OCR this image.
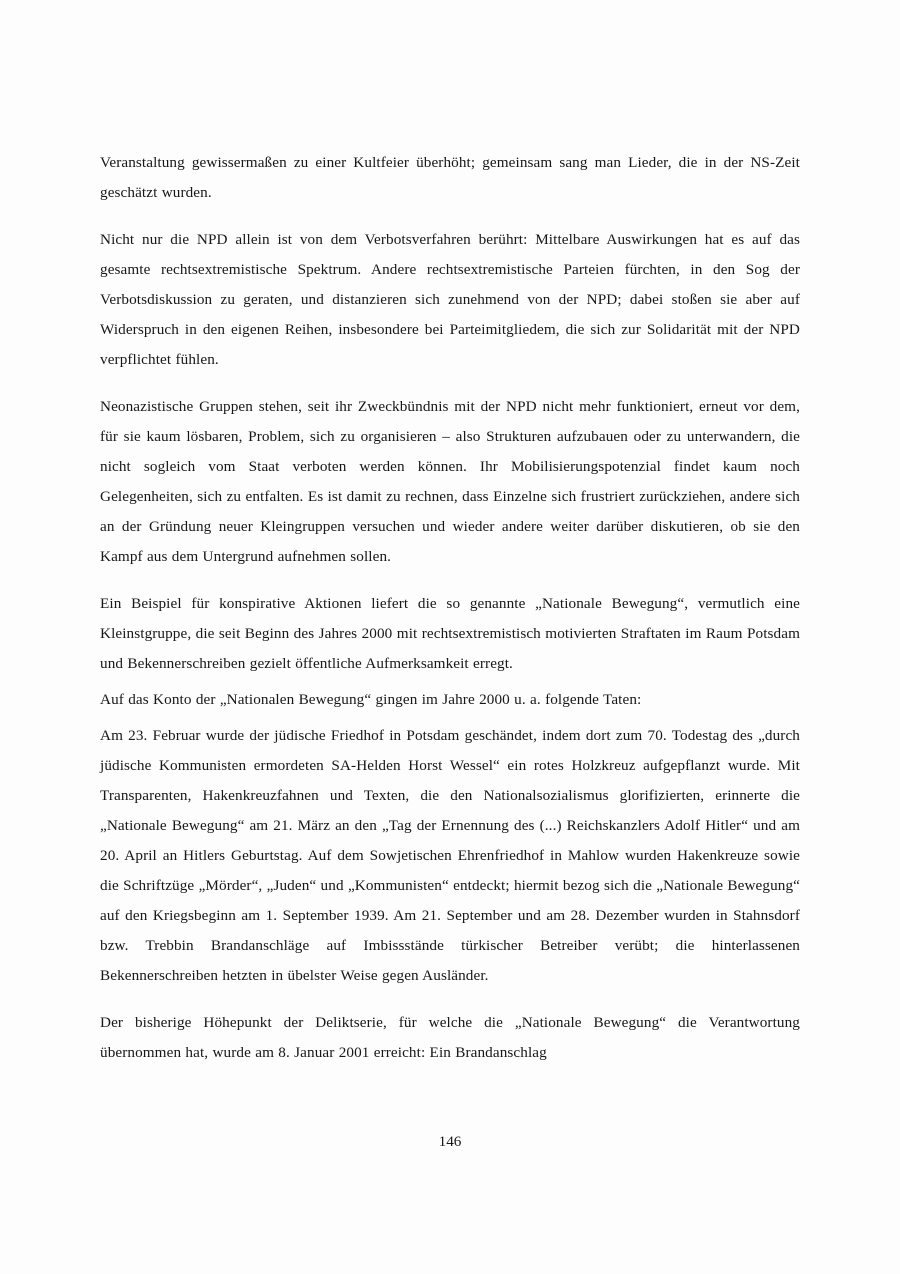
Veranstaltung gewissermaßen zu einer Kultfeier überhöht; gemeinsam sang man Lieder, die in der NS-Zeit geschätzt wurden.

Nicht nur die NPD allein ist von dem Verbotsverfahren berührt: Mittelbare Auswirkungen hat es auf das gesamte rechtsextremistische Spektrum. Andere rechtsextremistische Parteien fürchten, in den Sog der Verbotsdiskussion zu geraten, und distanzieren sich zunehmend von der NPD; dabei stoßen sie aber auf Widerspruch in den eigenen Reihen, insbesondere bei Parteimitgliedem, die sich zur Solidarität mit der NPD verpflichtet fühlen.

Neonazistische Gruppen stehen, seit ihr Zweckbündnis mit der NPD nicht mehr funktioniert, erneut vor dem, für sie kaum lösbaren, Problem, sich zu organisieren – also Strukturen aufzubauen oder zu unterwandern, die nicht sogleich vom Staat verboten werden können. Ihr Mobilisierungspotenzial findet kaum noch Gelegenheiten, sich zu entfalten. Es ist damit zu rechnen, dass Einzelne sich frustriert zurückziehen, andere sich an der Gründung neuer Kleingruppen versuchen und wieder andere weiter darüber diskutieren, ob sie den Kampf aus dem Untergrund aufnehmen sollen.

Ein Beispiel für konspirative Aktionen liefert die so genannte „Nationale Bewegung“, vermutlich eine Kleinstgruppe, die seit Beginn des Jahres 2000 mit rechtsextremistisch motivierten Straftaten im Raum Potsdam und Bekennerschreiben gezielt öffentliche Aufmerksamkeit erregt.

Auf das Konto der „Nationalen Bewegung“ gingen im Jahre 2000 u. a. folgende Taten:

Am 23. Februar wurde der jüdische Friedhof in Potsdam geschändet, indem dort zum 70. Todestag des „durch jüdische Kommunisten ermordeten SA-Helden Horst Wessel“ ein rotes Holzkreuz aufgepflanzt wurde. Mit Transparenten, Hakenkreuzfahnen und Texten, die den Nationalsozialismus glorifizierten, erinnerte die „Nationale Bewegung“ am 21. März an den „Tag der Ernennung des (...) Reichskanzlers Adolf Hitler“ und am 20. April an Hitlers Geburtstag. Auf dem Sowjetischen Ehrenfriedhof in Mahlow wurden Hakenkreuze sowie die Schriftzüge „Mörder“, „Juden“ und „Kommunisten“ entdeckt; hiermit bezog sich die „Nationale Bewegung“ auf den Kriegsbeginn am 1. September 1939. Am 21. September und am 28. Dezember wurden in Stahnsdorf bzw. Trebbin Brandanschläge auf Imbissstände türkischer Betreiber verübt; die hinterlassenen Bekennerschreiben hetzten in übelster Weise gegen Ausländer.

Der bisherige Höhepunkt der Deliktserie, für welche die „Nationale Bewegung“ die Verantwortung übernommen hat, wurde am 8. Januar 2001 erreicht: Ein Brandanschlag

146
